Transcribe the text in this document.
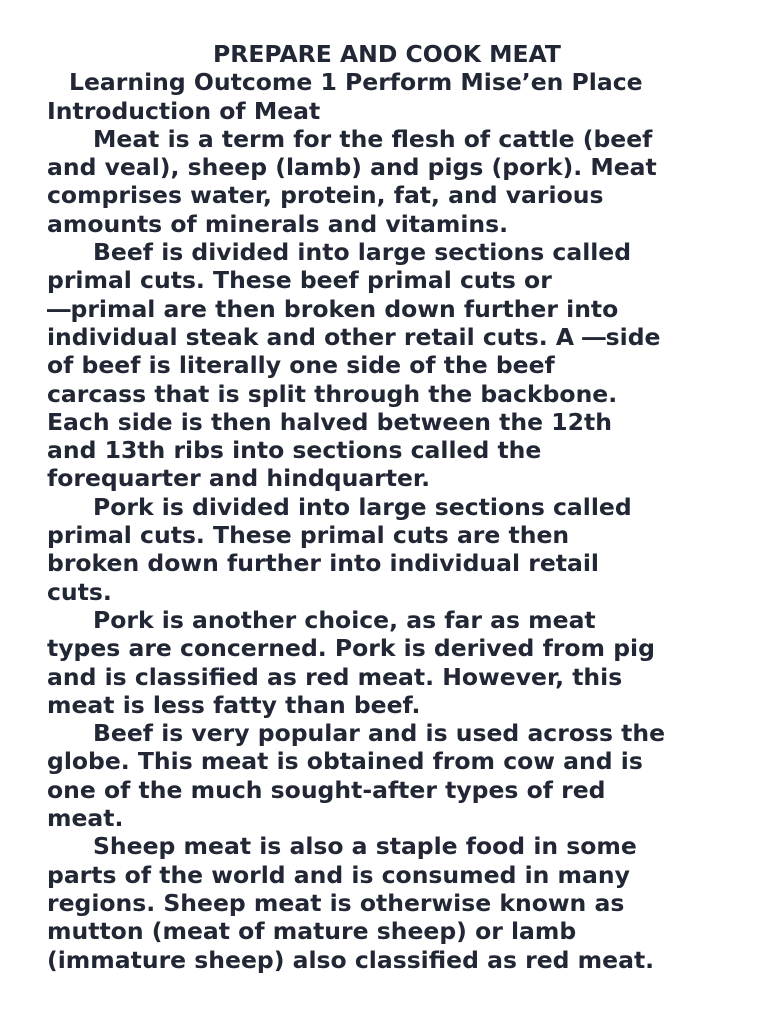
PREPARE AND COOK MEAT
Learning Outcome 1 Perform Mise’en Place
Introduction of Meat
Meat is a term for the flesh of cattle (beef
and veal), sheep (lamb) and pigs (pork). Meat
comprises water, protein, fat, and various
amounts of minerals and vitamins.
Beef is divided into large sections called
primal cuts. These beef primal cuts or
―primal are then broken down further into
individual steak and other retail cuts. A ―side
of beef is literally one side of the beef
carcass that is split through the backbone.
Each side is then halved between the 12th
and 13th ribs into sections called the
forequarter and hindquarter.
Pork is divided into large sections called
primal cuts. These primal cuts are then
broken down further into individual retail
cuts.
Pork is another choice, as far as meat
types are concerned. Pork is derived from pig
and is classified as red meat. However, this
meat is less fatty than beef.
Beef is very popular and is used across the
globe. This meat is obtained from cow and is
one of the much sought-after types of red
meat.
Sheep meat is also a staple food in some
parts of the world and is consumed in many
regions. Sheep meat is otherwise known as
mutton (meat of mature sheep) or lamb
(immature sheep) also classified as red meat.
